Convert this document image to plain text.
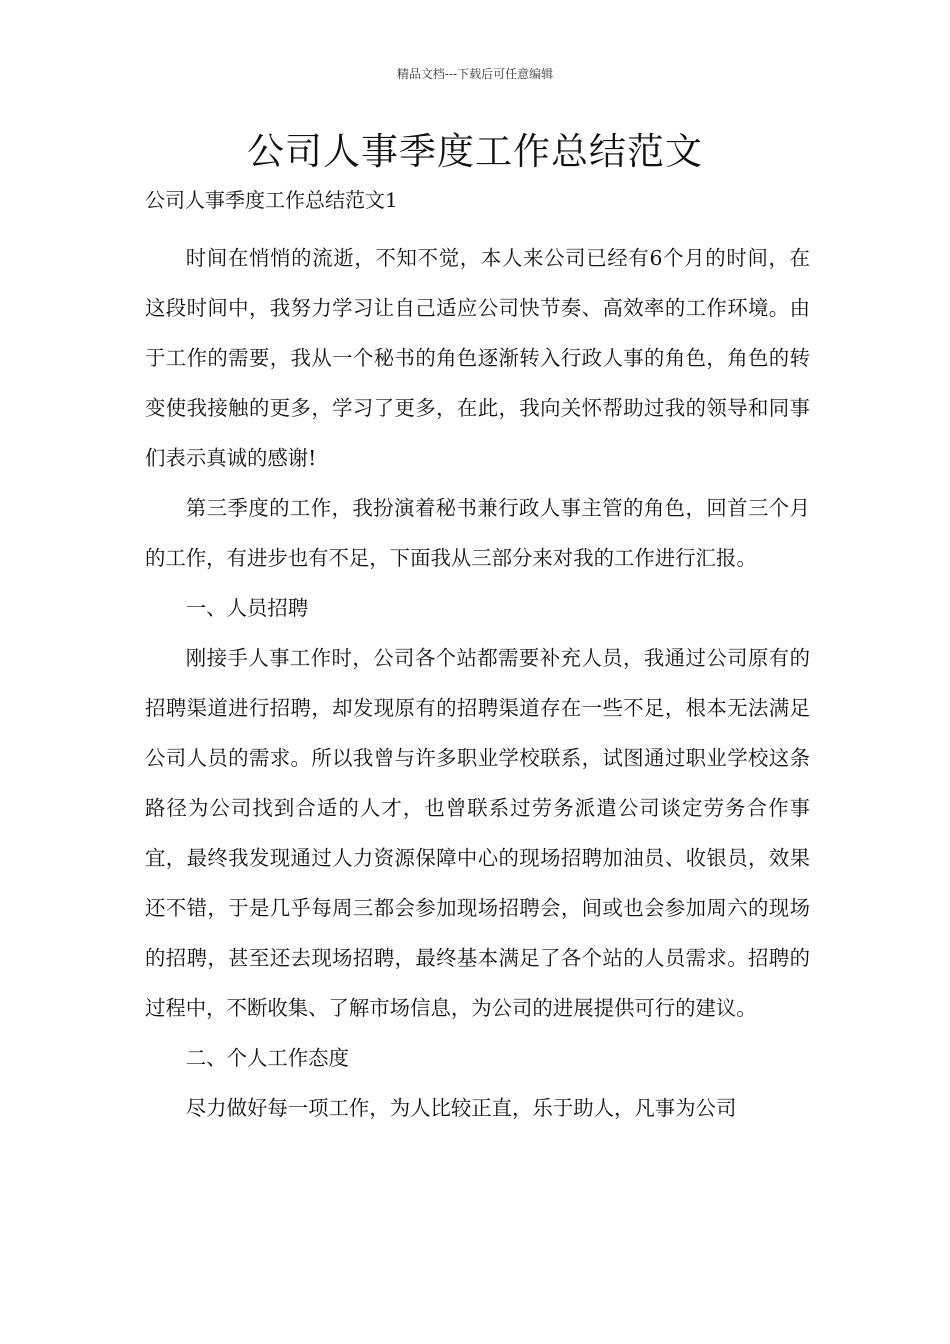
精品文档---下载后可任意编辑
公司人事季度工作总结范文
公司人事季度工作总结范文1

时间在悄悄的流逝，不知不觉，本人来公司已经有6个月的时间，在这段时间中，我努力学习让自己适应公司快节奏、高效率的工作环境。由于工作的需要，我从一个秘书的角色逐渐转入行政人事的角色，角色的转变使我接触的更多，学习了更多，在此，我向关怀帮助过我的领导和同事们表示真诚的感谢!

第三季度的工作，我扮演着秘书兼行政人事主管的角色，回首三个月的工作，有进步也有不足，下面我从三部分来对我的工作进行汇报。

一、人员招聘

刚接手人事工作时，公司各个站都需要补充人员，我通过公司原有的招聘渠道进行招聘，却发现原有的招聘渠道存在一些不足，根本无法满足公司人员的需求。所以我曾与许多职业学校联系，试图通过职业学校这条路径为公司找到合适的人才，也曾联系过劳务派遣公司谈定劳务合作事宜，最终我发现通过人力资源保障中心的现场招聘加油员、收银员，效果还不错，于是几乎每周三都会参加现场招聘会，间或也会参加周六的现场的招聘，甚至还去现场招聘，最终基本满足了各个站的人员需求。招聘的过程中，不断收集、了解市场信息，为公司的进展提供可行的建议。

二、个人工作态度

尽力做好每一项工作，为人比较正直，乐于助人，凡事为公司
